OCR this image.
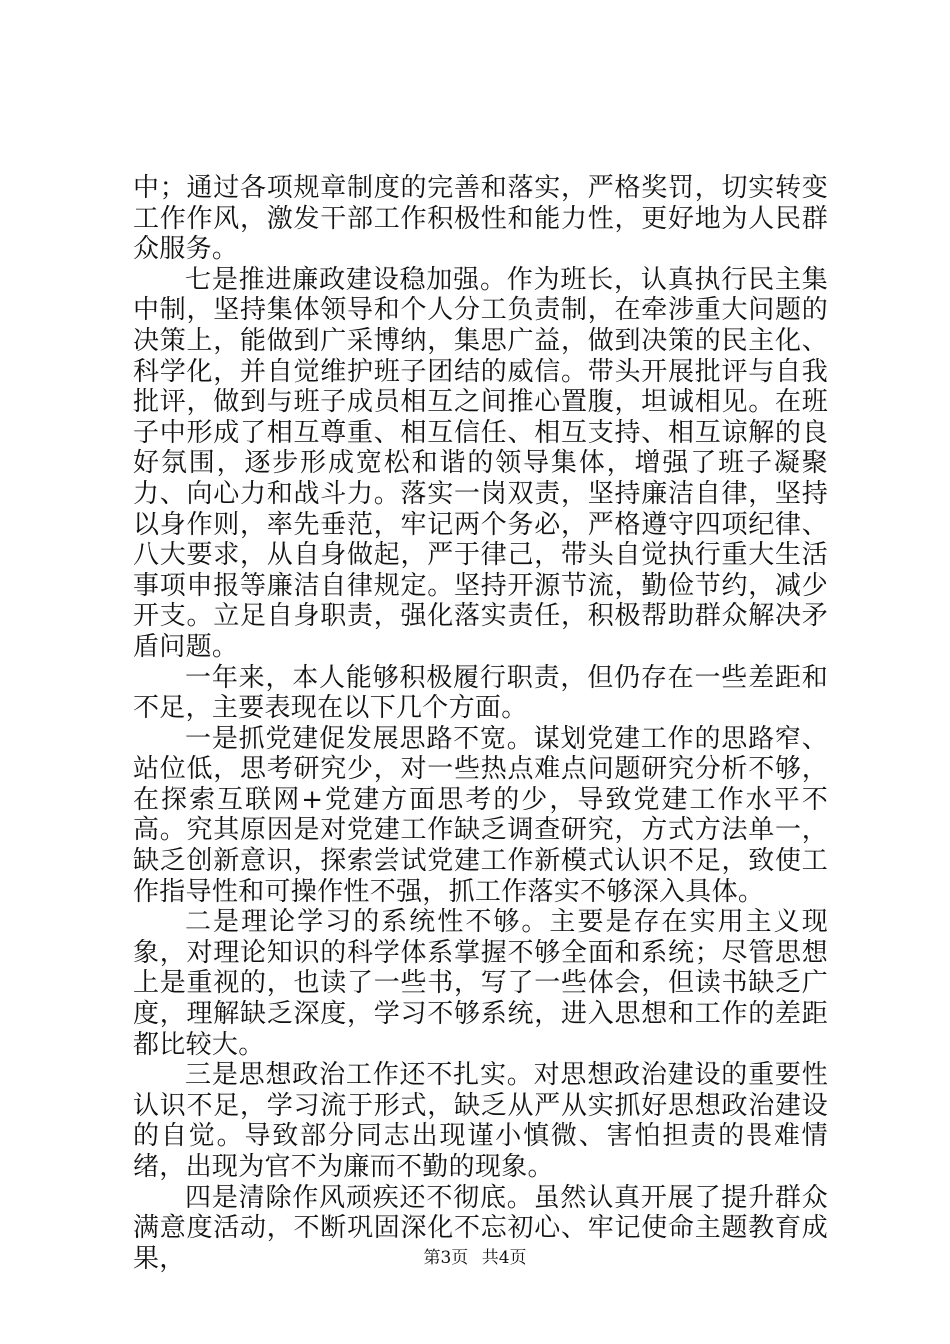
中；通过各项规章制度的完善和落实，严格奖罚，切实转变工作作风，激发干部工作积极性和能力性，更好地为人民群众服务。

七是推进廉政建设稳加强。作为班长，认真执行民主集中制，坚持集体领导和个人分工负责制，在牵涉重大问题的决策上，能做到广采博纳，集思广益，做到决策的民主化、科学化，并自觉维护班子团结的威信。带头开展批评与自我批评，做到与班子成员相互之间推心置腹，坦诚相见。在班子中形成了相互尊重、相互信任、相互支持、相互谅解的良好氛围，逐步形成宽松和谐的领导集体，增强了班子凝聚力、向心力和战斗力。落实一岗双责，坚持廉洁自律，坚持以身作则，率先垂范，牢记两个务必，严格遵守四项纪律、八大要求，从自身做起，严于律己，带头自觉执行重大生活事项申报等廉洁自律规定。坚持开源节流，勤俭节约，减少开支。立足自身职责，强化落实责任，积极帮助群众解决矛盾问题。

一年来，本人能够积极履行职责，但仍存在一些差距和不足，主要表现在以下几个方面。

一是抓党建促发展思路不宽。谋划党建工作的思路窄、站位低，思考研究少，对一些热点难点问题研究分析不够，在探索互联网+党建方面思考的少，导致党建工作水平不高。究其原因是对党建工作缺乏调查研究，方式方法单一，缺乏创新意识，探索尝试党建工作新模式认识不足，致使工作指导性和可操作性不强，抓工作落实不够深入具体。

二是理论学习的系统性不够。主要是存在实用主义现象，对理论知识的科学体系掌握不够全面和系统；尽管思想上是重视的，也读了一些书，写了一些体会，但读书缺乏广度，理解缺乏深度，学习不够系统，进入思想和工作的差距都比较大。

三是思想政治工作还不扎实。对思想政治建设的重要性认识不足，学习流于形式，缺乏从严从实抓好思想政治建设的自觉。导致部分同志出现谨小慎微、害怕担责的畏难情绪，出现为官不为廉而不勤的现象。

四是清除作风顽疾还不彻底。虽然认真开展了提升群众满意度活动，不断巩固深化不忘初心、牢记使命主题教育成果，	第3页 共4页
